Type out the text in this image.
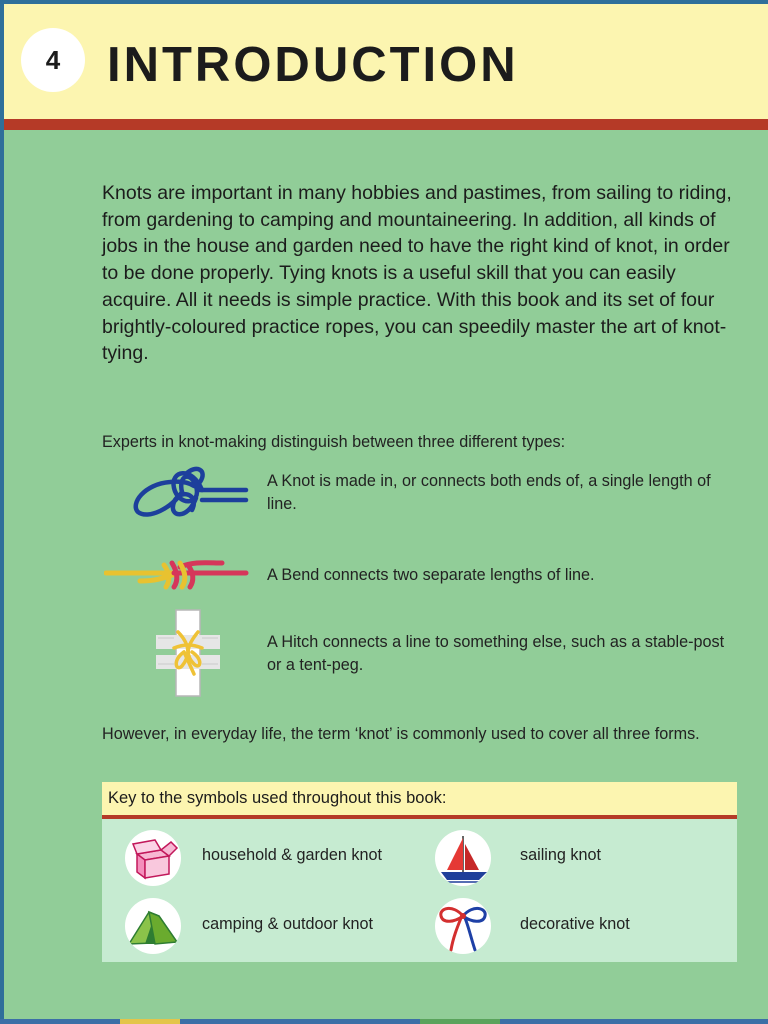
4 INTRODUCTION

Knots are important in many hobbies and pastimes, from sailing to riding, from gardening to camping and mountaineering. In addition, all kinds of jobs in the house and garden need to have the right kind of knot, in order to be done properly. Tying knots is a useful skill that you can easily acquire. All it needs is simple practice. With this book and its set of four brightly-coloured practice ropes, you can speedily master the art of knot-tying.

Experts in knot-making distinguish between three different types:

A Knot is made in, or connects both ends of, a single length of line.

A Bend connects two separate lengths of line.

A Hitch connects a line to something else, such as a stable-post or a tent-peg.

However, in everyday life, the term ‘knot’ is commonly used to cover all three forms.

Key to the symbols used throughout this book:
household & garden knot	sailing knot
camping & outdoor knot	decorative knot
